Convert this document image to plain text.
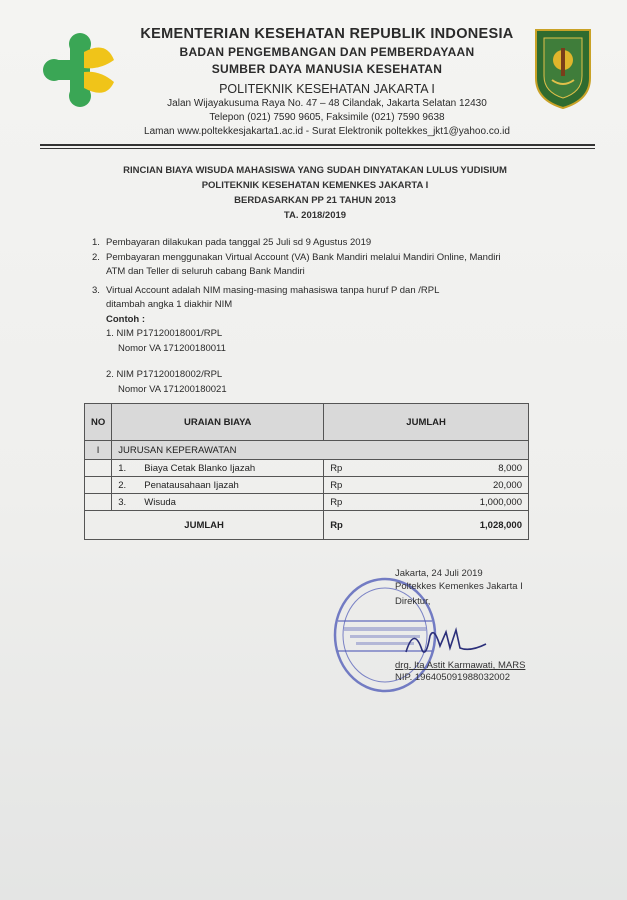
KEMENTERIAN KESEHATAN REPUBLIK INDONESIA
BADAN PENGEMBANGAN DAN PEMBERDAYAAN
SUMBER DAYA MANUSIA KESEHATAN
POLITEKNIK KESEHATAN JAKARTA I
Jalan Wijayakusuma Raya No. 47 – 48 Cilandak, Jakarta Selatan 12430
Telepon (021) 7590 9605, Faksimile (021) 7590 9638
Laman www.poltekkesjakarta1.ac.id - Surat Elektronik poltekkes_jkt1@yahoo.co.id
RINCIAN BIAYA WISUDA MAHASISWA YANG SUDAH DINYATAKAN LULUS YUDISIUM
POLITEKNIK KESEHATAN KEMENKES JAKARTA I
BERDASARKAN PP 21 TAHUN 2013
TA. 2018/2019
1. Pembayaran dilakukan pada tanggal 25 Juli sd 9 Agustus 2019
2. Pembayaran menggunakan Virtual Account (VA) Bank Mandiri melalui Mandiri Online, Mandiri
ATM dan Teller di seluruh cabang Bank Mandiri
3. Virtual Account adalah NIM masing-masing mahasiswa tanpa huruf P dan /RPL
ditambah angka 1 diakhir NIM
Contoh :
1. NIM P17120018001/RPL
Nomor VA 171200180011
2. NIM P17120018002/RPL
Nomor VA 171200180021
NO	URAIAN BIAYA		JUMLAH	
I	JURUSAN KEPERAWATAN			
	1.	Biaya Cetak Blanko Ijazah	Rp	8,000
	2.	Penatausahaan Ijazah	Rp	20,000
	3.	Wisuda	Rp	1,000,000
JUMLAH			Rp	1,028,000
Jakarta, 24 Juli 2019
Poltekkes Kemenkes Jakarta I
Direktur,
drg. Ita Astit Karmawati, MARS
NIP. 196405091988032002
